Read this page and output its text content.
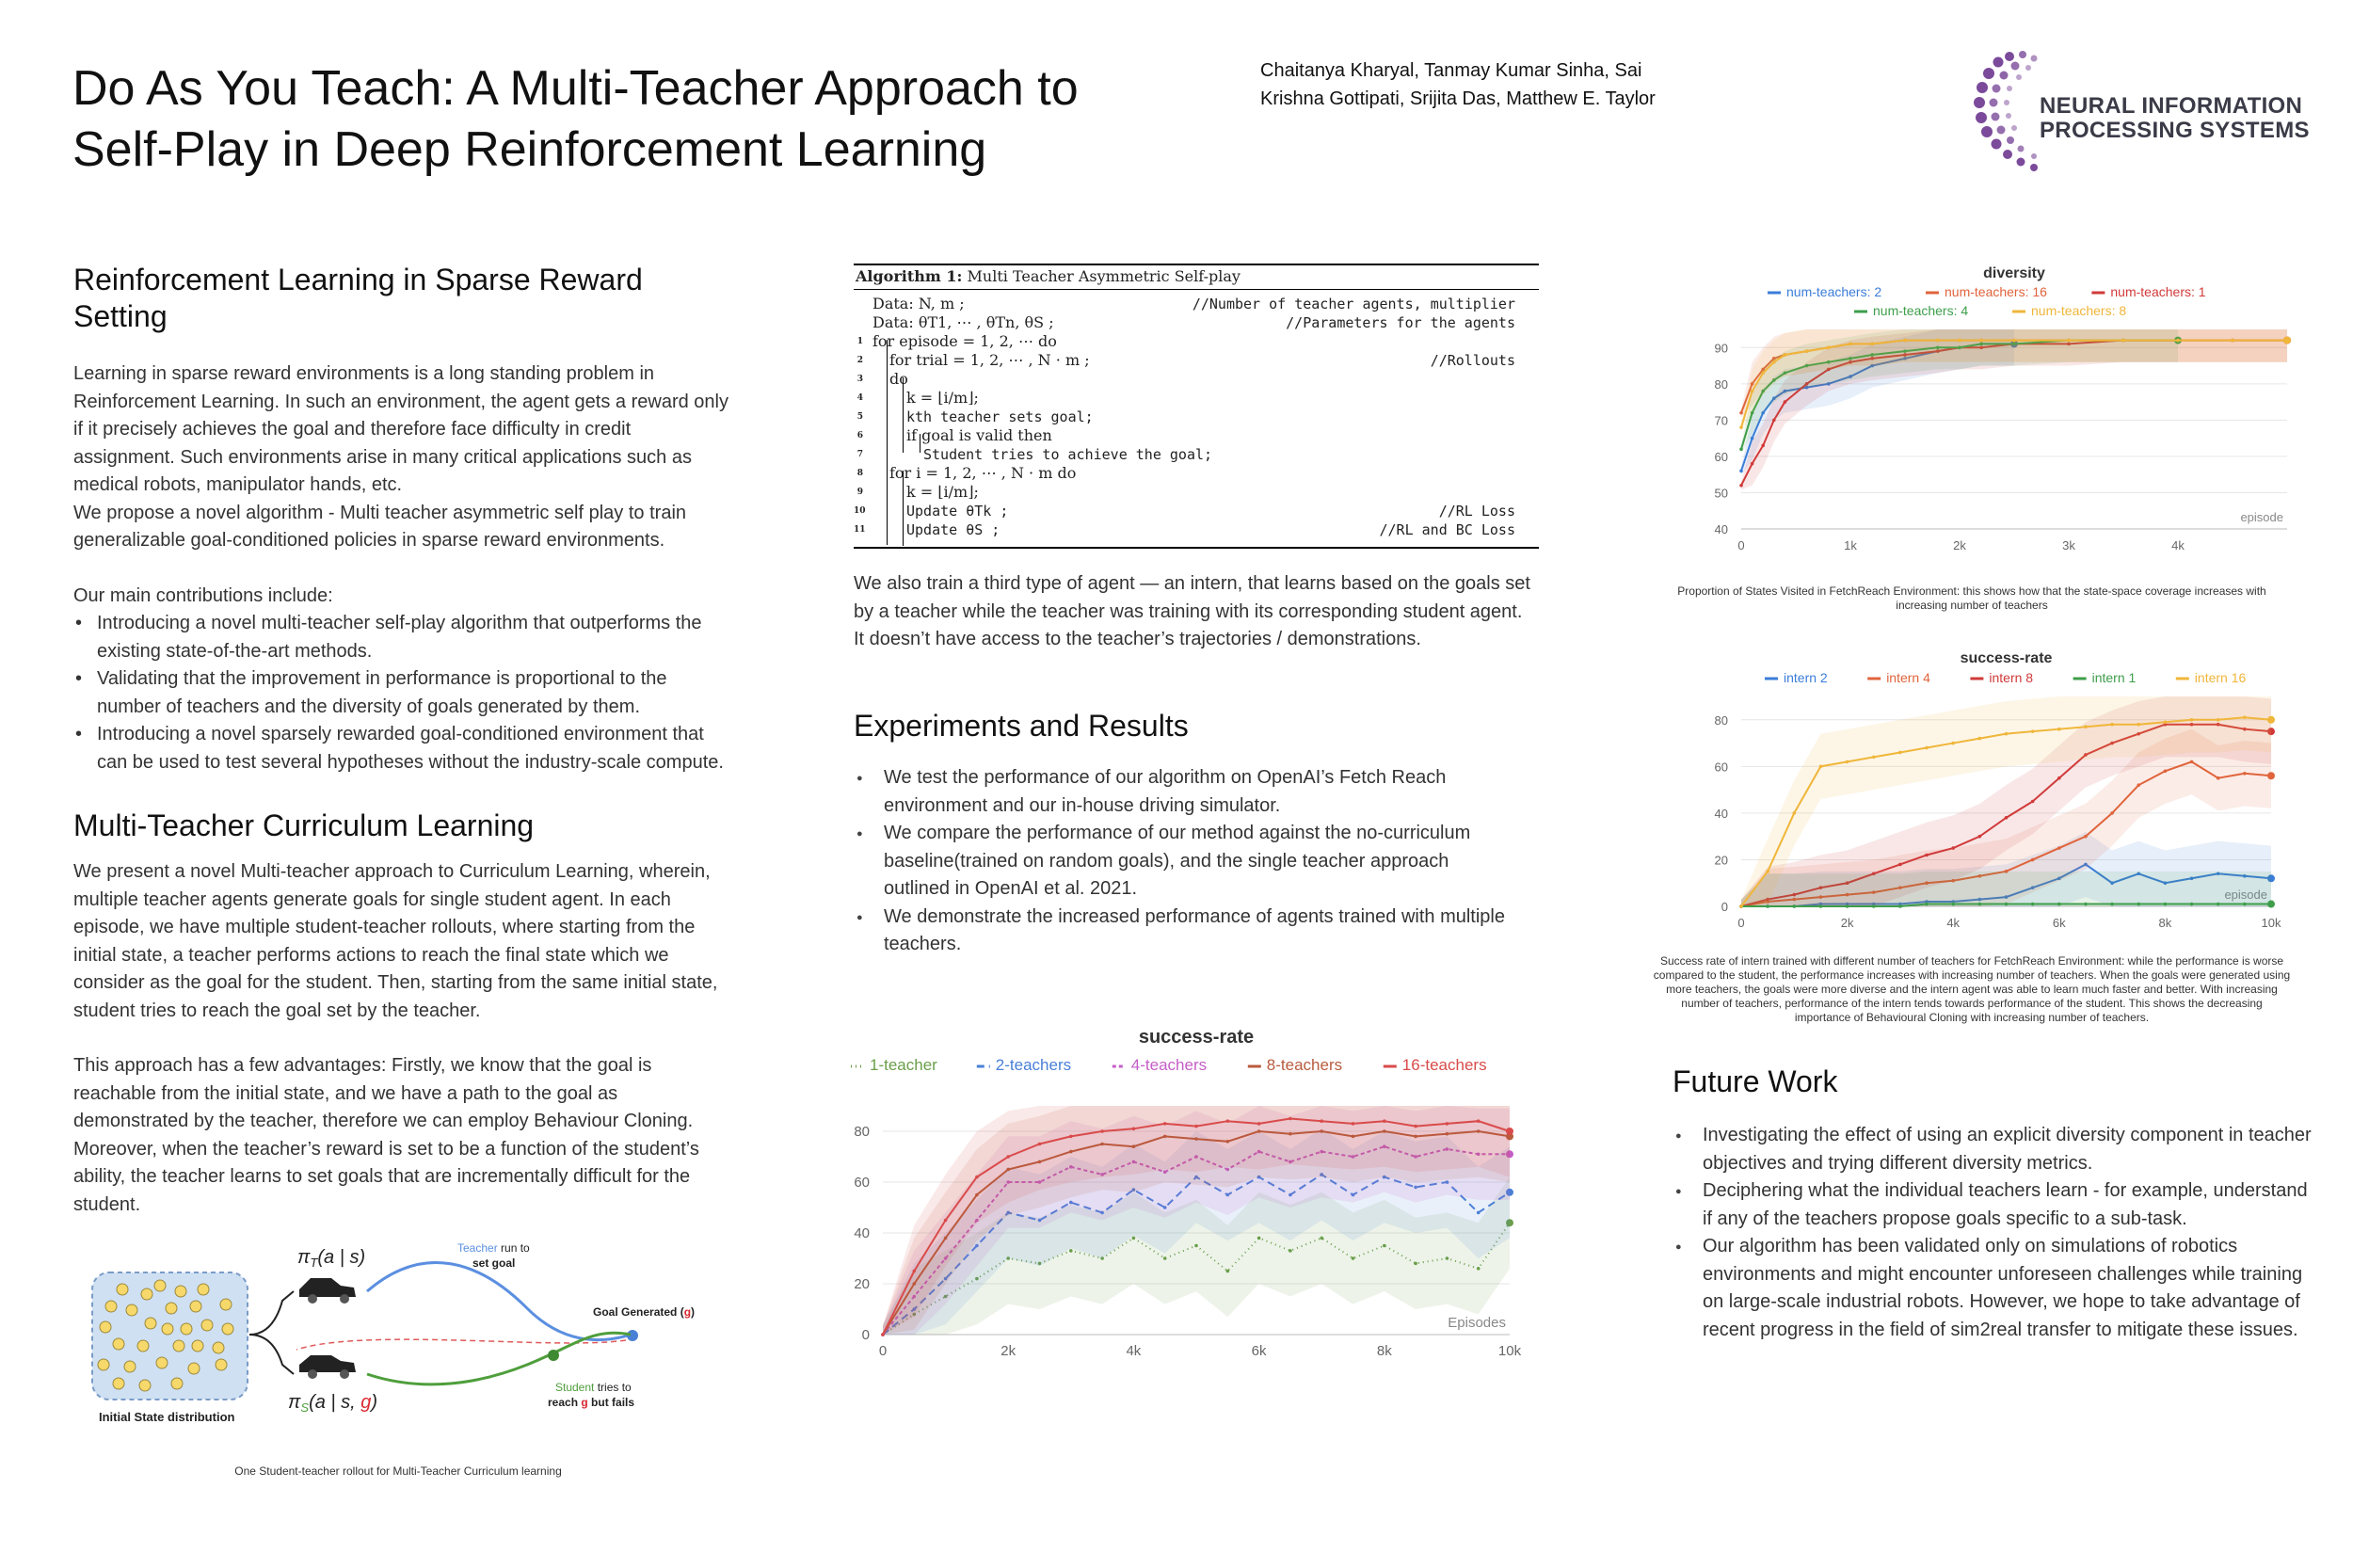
Do As You Teach: A Multi-Teacher Approach to
Self-Play in Deep Reinforcement Learning
Chaitanya Kharyal, Tanmay Kumar Sinha, Sai
Krishna Gottipati, Srijita Das, Matthew E. Taylor	NEURAL INFORMATION
PROCESSING SYSTEMS
Reinforcement Learning in Sparse Reward
Setting

Learning in sparse reward environments is a long standing problem in Reinforcement Learning. In such an environment, the agent gets a reward only if it precisely achieves the goal and therefore face difficulty in credit assignment. Such environments arise in many critical applications such as medical robots, manipulator hands, etc.

We propose a novel algorithm - Multi teacher asymmetric self play to train generalizable goal-conditioned policies in sparse reward environments.

Our main contributions include:

• Introducing a novel multi-teacher self-play algorithm that outperforms the existing state-of-the-art methods.
• Validating that the improvement in performance is proportional to the number of teachers and the diversity of goals generated by them.
• Introducing a novel sparsely rewarded goal-conditioned environment that can be used to test several hypotheses without the industry-scale compute.
Multi-Teacher Curriculum Learning

We present a novel Multi-teacher approach to Curriculum Learning, wherein, multiple teacher agents generate goals for single student agent. In each episode, we have multiple student-teacher rollouts, where starting from the initial state, a teacher performs actions to reach the final state which we consider as the goal for the student. Then, starting from the same initial state, student tries to reach the goal set by the teacher.

This approach has a few advantages: Firstly, we know that the goal is reachable from the initial state, and we have a path to the goal as demonstrated by the teacher, therefore we can employ Behaviour Cloning. Moreover, when the teacher’s reward is set to be a function of the student’s ability, the teacher learns to set goals that are incrementally difficult for the student.

Initial State distribution
$\pi_T(a$ | s)	Teacher run to
set goal
Goal Generated (g)
$\pi_S(a$ | s, g)
Student tries to
reach g but fails
One Student-teacher rollout for Multi-Teacher Curriculum learning
Algorithm 1: Multi Teacher Asymmetric Self-play
Data: N, m ;	//Number of teacher agents, multiplier
Data: θT1, ⋯ , θTn, θS ;	//Parameters for the agents
1 for episode = 1, 2, ⋯ do
2 for trial = 1, 2, ⋯ , N · m ;	//Rollouts
3 do
4	k = ⌊i/m⌋;
5	kth teacher sets goal;
6	if goal is valid then
7	Student tries to achieve the goal;
8 for i = 1, 2, ⋯ , N · m do
9	k = ⌊i/m⌋;
10	Update θTk ;	//RL Loss
11	Update θS ;	//RL and BC Loss
We also train a third type of agent — an intern, that learns based on the goals set by a teacher while the teacher was training with its corresponding student agent. It doesn’t have access to the teacher’s trajectories / demonstrations.
Experiments and Results
● We test the performance of our algorithm on OpenAI’s Fetch Reach environment and our in-house driving simulator.
● We compare the performance of our method against the no-curriculum baseline(trained on random goals), and the single teacher approach outlined in OpenAI et al. 2021.
● We demonstrate the increased performance of agents trained with multiple teachers.
success-rate
1-teacher	2-teachers	4-teachers	8-teachers	16-teachers
0
20
40
60
80
0	2k	4k	6k	8k	10k
Episodes
diversity
num-teachers: 2	num-teachers: 16	num-teachers: 1
num-teachers: 4	num-teachers: 8
40
50
60
70
80
90
0	1k	2k	3k	4k
episode
Proportion of States Visited in FetchReach Environment: this shows how that the state-space coverage increases with increasing number of teachers
success-rate
intern 2	intern 4	intern 8	intern 1	intern 16
0
20
40
60
80
0	2k	4k	6k	8k	10k
episode
Success rate of intern trained with different number of teachers for FetchReach Environment: while the performance is worse compared to the student, the performance increases with increasing number of teachers. When the goals were generated using more teachers, the goals were more diverse and the intern agent was able to learn much faster and better. With increasing number of teachers, performance of the intern tends towards performance of the student. This shows the decreasing importance of Behavioural Cloning with increasing number of teachers.
Future Work
● Investigating the effect of using an explicit diversity component in teacher objectives and trying different diversity metrics.
● Deciphering what the individual teachers learn - for example, understand if any of the teachers propose goals specific to a sub-task.
● Our algorithm has been validated only on simulations of robotics environments and might encounter unforeseen challenges while training on large-scale industrial robots. However, we hope to take advantage of recent progress in the field of sim2real transfer to mitigate these issues.
